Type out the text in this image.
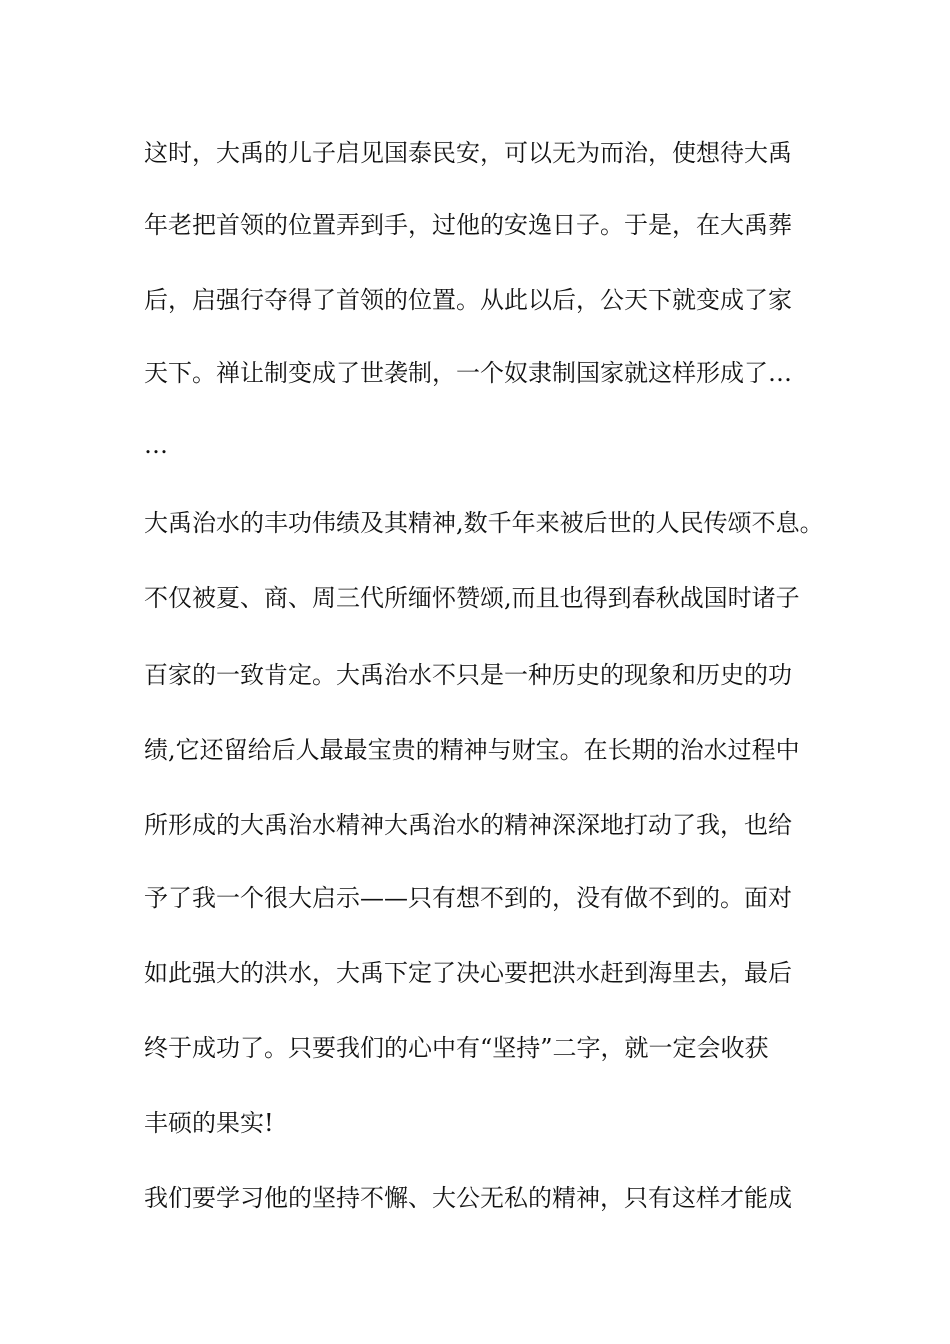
这时，大禹的儿子启见国泰民安，可以无为而治，使想待大禹
年老把首领的位置弄到手，过他的安逸日子。于是，在大禹葬
后，启强行夺得了首领的位置。从此以后，公天下就变成了家
天下。禅让制变成了世袭制，一个奴隶制国家就这样形成了…
…
大禹治水的丰功伟绩及其精神,数千年来被后世的人民传颂不息。
不仅被夏、商、周三代所缅怀赞颂,而且也得到春秋战国时诸子
百家的一致肯定。大禹治水不只是一种历史的现象和历史的功
绩,它还留给后人最最宝贵的精神与财宝。在长期的治水过程中
所形成的大禹治水精神大禹治水的精神深深地打动了我，也给
予了我一个很大启示——只有想不到的，没有做不到的。面对
如此强大的洪水，大禹下定了决心要把洪水赶到海里去，最后
终于成功了。只要我们的心中有“坚持”二字，就一定会收获
丰硕的果实!
我们要学习他的坚持不懈、大公无私的精神，只有这样才能成
